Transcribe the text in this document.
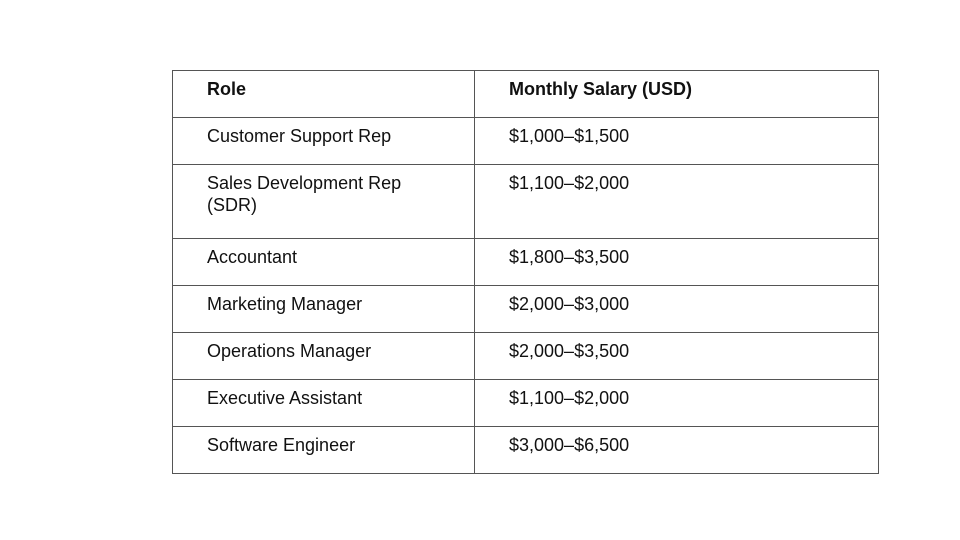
Role	Monthly Salary (USD)
Customer Support Rep	$1,000–$1,500
Sales Development Rep (SDR)	$1,100–$2,000
Accountant	$1,800–$3,500
Marketing Manager	$2,000–$3,000
Operations Manager	$2,000–$3,500
Executive Assistant	$1,100–$2,000
Software Engineer	$3,000–$6,500
